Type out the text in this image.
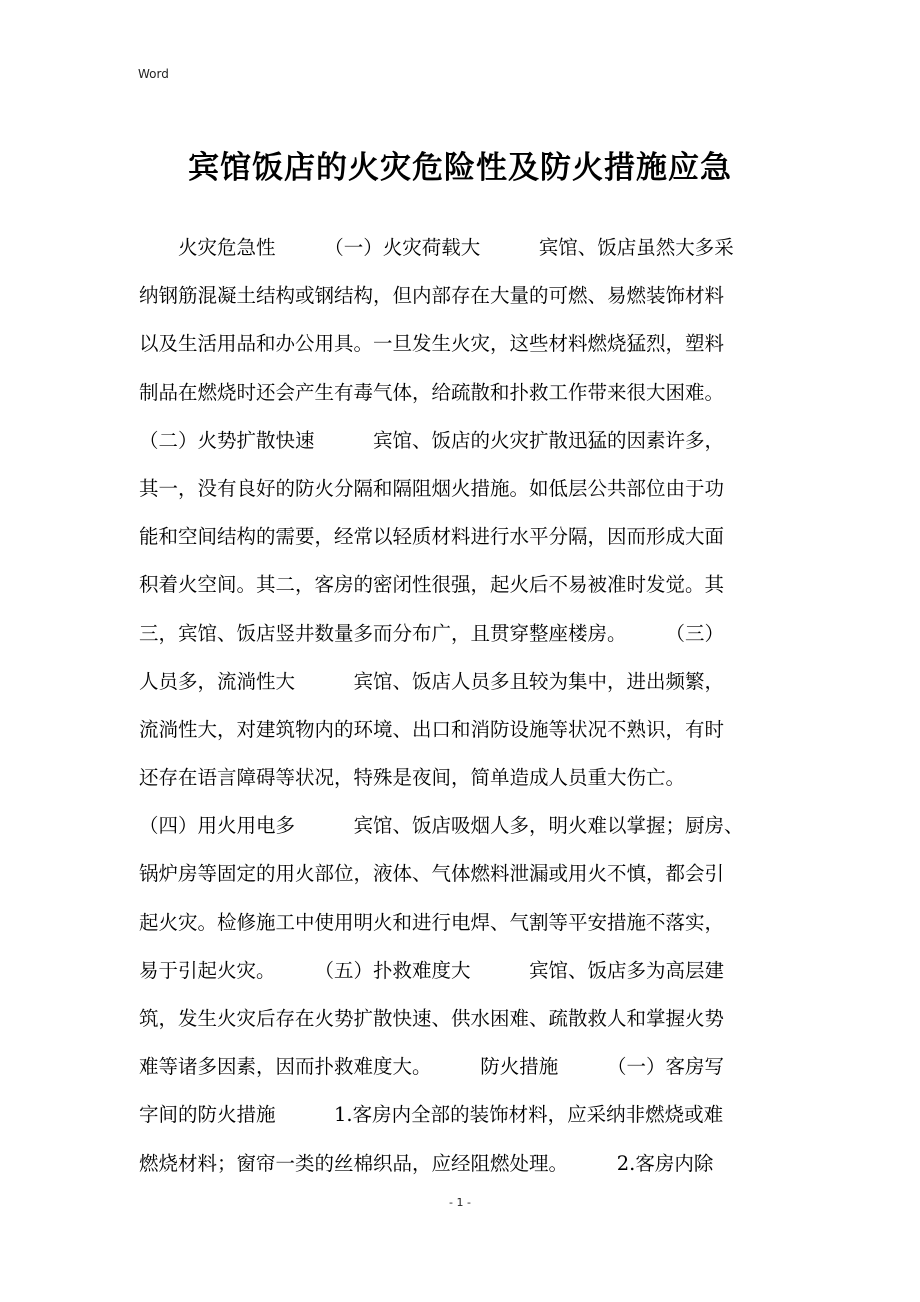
Word
宾馆饭店的火灾危险性及防火措施应急
　　火灾危急性　　　（一）火灾荷载大　　　宾馆、饭店虽然大多采
纳钢筋混凝土结构或钢结构，但内部存在大量的可燃、易燃装饰材料
以及生活用品和办公用具。一旦发生火灾，这些材料燃烧猛烈，塑料
制品在燃烧时还会产生有毒气体，给疏散和扑救工作带来很大困难。
（二）火势扩散快速　　　宾馆、饭店的火灾扩散迅猛的因素许多，
其一，没有良好的防火分隔和隔阻烟火措施。如低层公共部位由于功
能和空间结构的需要，经常以轻质材料进行水平分隔，因而形成大面
积着火空间。其二，客房的密闭性很强，起火后不易被准时发觉。其
三，宾馆、饭店竖井数量多而分布广，且贯穿整座楼房。　　　（三）
人员多，流淌性大　　　宾馆、饭店人员多且较为集中，进出频繁，
流淌性大，对建筑物内的环境、出口和消防设施等状况不熟识，有时
还存在语言障碍等状况，特殊是夜间，简单造成人员重大伤亡。
（四）用火用电多　　　宾馆、饭店吸烟人多，明火难以掌握；厨房、
锅炉房等固定的用火部位，液体、气体燃料泄漏或用火不慎，都会引
起火灾。检修施工中使用明火和进行电焊、气割等平安措施不落实，
易于引起火灾。　　　（五）扑救难度大　　　宾馆、饭店多为高层建
筑，发生火灾后存在火势扩散快速、供水困难、疏散救人和掌握火势
难等诸多因素，因而扑救难度大。　　　防火措施　　　（一）客房写
字间的防火措施　　　1.客房内全部的装饰材料，应采纳非燃烧或难
燃烧材料；窗帘一类的丝棉织品，应经阻燃处理。　　　2.客房内除
- 1 -
